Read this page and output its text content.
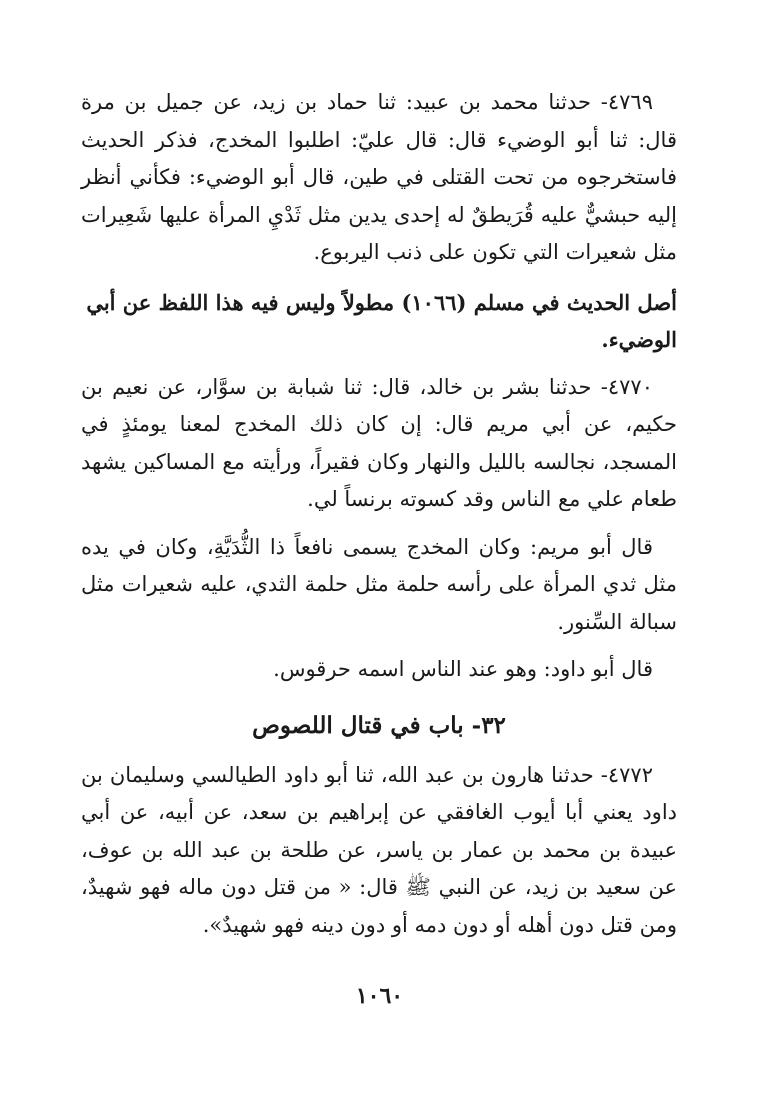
٤٧٦٩- حدثنا محمد بن عبيد: ثنا حماد بن زيد، عن جميل بن مرة قال: ثنا أبو الوضيء قال: قال عليّ: اطلبوا المخدج، فذكر الحديث فاستخرجوه من تحت القتلى في طين، قال أبو الوضيء: فكأني أنظر إليه حبشيٌّ عليه قُرَيطقٌ له إحدى يدين مثل ثَدْيِ المرأة عليها شَعِيرات مثل شعيرات التي تكون على ذنب اليربوع.
أصل الحديث في مسلم (١٠٦٦) مطولاً وليس فيه هذا اللفظ عن أبي الوضيء.
٤٧٧٠- حدثنا بشر بن خالد، قال: ثنا شبابة بن سوَّار، عن نعيم بن حكيم، عن أبي مريم قال: إن كان ذلك المخدج لمعنا يومئذٍ في المسجد، نجالسه بالليل والنهار وكان فقيراً، ورأيته مع المساكين يشهد طعام علي مع الناس وقد كسوته برنساً لي.
قال أبو مريم: وكان المخدج يسمى نافعاً ذا الثُّدَيَّةِ، وكان في يده مثل ثدي المرأة على رأسه حلمة مثل حلمة الثدي، عليه شعيرات مثل سبالة السِّنور.
قال أبو داود: وهو عند الناس اسمه حرقوس.
٣٢- باب في قتال اللصوص
٤٧٧٢- حدثنا هارون بن عبد الله، ثنا أبو داود الطيالسي وسليمان بن داود يعني أبا أيوب الغافقي عن إبراهيم بن سعد، عن أبيه، عن أبي عبيدة بن محمد بن عمار بن ياسر، عن طلحة بن عبد الله بن عوف، عن سعيد بن زيد، عن النبي ﷺ قال: « من قتل دون ماله فهو شهيدٌ، ومن قتل دون أهله أو دون دمه أو دون دينه فهو شهيدٌ».
١٠٦٠
